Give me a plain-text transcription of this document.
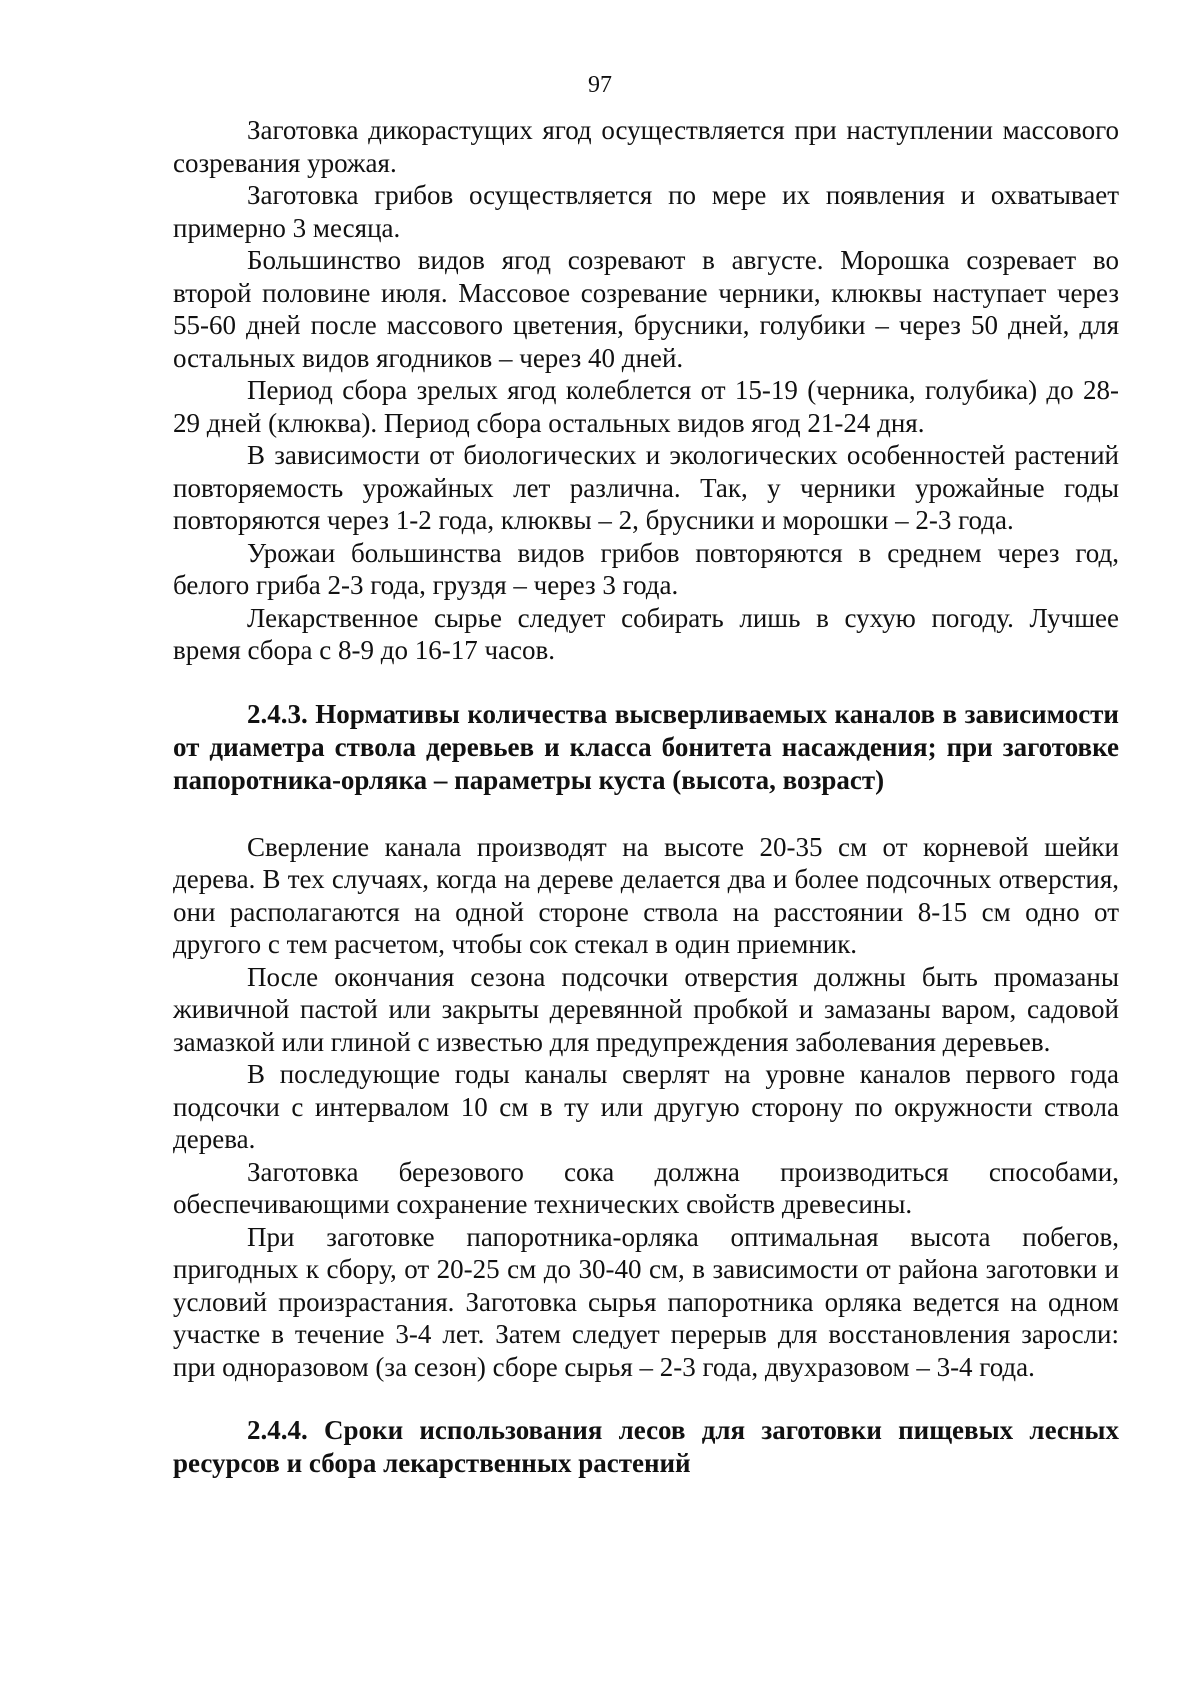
97

Заготовка дикорастущих ягод осуществляется при наступлении массового созревания урожая.

Заготовка грибов осуществляется по мере их появления и охватывает примерно 3 месяца.

Большинство видов ягод созревают в августе. Морошка созревает во второй половине июля. Массовое созревание черники, клюквы наступает через 55-60 дней после массового цветения, брусники, голубики – через 50 дней, для остальных видов ягодников – через 40 дней.

Период сбора зрелых ягод колеблется от 15-19 (черника, голубика) до 28-29 дней (клюква). Период сбора остальных видов ягод 21-24 дня.

В зависимости от биологических и экологических особенностей растений повторяемость урожайных лет различна. Так, у черники урожайные годы повторяются через 1-2 года, клюквы – 2, брусники и морошки – 2-3 года.

Урожаи большинства видов грибов повторяются в среднем через год, белого гриба 2-3 года, груздя – через 3 года.

Лекарственное сырье следует собирать лишь в сухую погоду. Лучшее время сбора с 8-9 до 16-17 часов.

2.4.3. Нормативы количества высверливаемых каналов в зависимости от диаметра ствола деревьев и класса бонитета насаждения; при заготовке папоротника-орляка – параметры куста (высота, возраст)

Сверление канала производят на высоте 20-35 см от корневой шейки дерева. В тех случаях, когда на дереве делается два и более подсочных отверстия, они располагаются на одной стороне ствола на расстоянии 8-15 см одно от другого с тем расчетом, чтобы сок стекал в один приемник.

После окончания сезона подсочки отверстия должны быть промазаны живичной пастой или закрыты деревянной пробкой и замазаны варом, садовой замазкой или глиной с известью для предупреждения заболевания деревьев.

В последующие годы каналы сверлят на уровне каналов первого года подсочки с интервалом 10 см в ту или другую сторону по окружности ствола дерева.

Заготовка березового сока должна производиться способами, обеспечивающими сохранение технических свойств древесины.

При заготовке папоротника-орляка оптимальная высота побегов, пригодных к сбору, от 20-25 см до 30-40 см, в зависимости от района заготовки и условий произрастания. Заготовка сырья папоротника орляка ведется на одном участке в течение 3-4 лет. Затем следует перерыв для восстановления заросли: при одноразовом (за сезон) сборе сырья – 2-3 года, двухразовом – 3-4 года.

2.4.4. Сроки использования лесов для заготовки пищевых лесных ресурсов и сбора лекарственных растений
